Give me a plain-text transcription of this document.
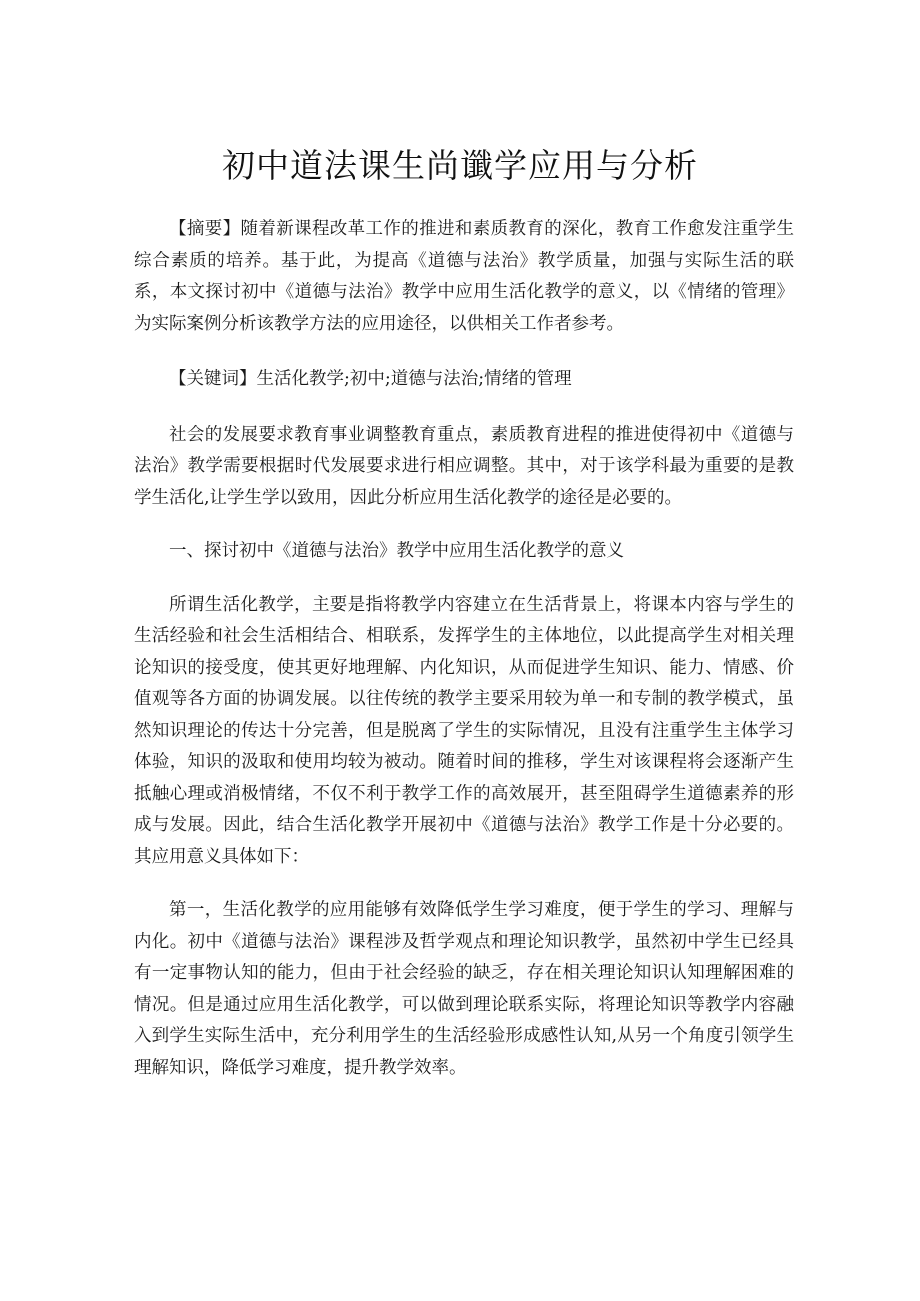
初中道法课生尚谶学应用与分析

【摘要】随着新课程改革工作的推进和素质教育的深化，教育工作愈发注重学生综合素质的培养。基于此，为提高《道德与法治》教学质量，加强与实际生活的联系，本文探讨初中《道德与法治》教学中应用生活化教学的意义，以《情绪的管理》为实际案例分析该教学方法的应用途径，以供相关工作者参考。

【关键词】生活化教学;初中;道德与法治;情绪的管理

社会的发展要求教育事业调整教育重点，素质教育进程的推进使得初中《道德与法治》教学需要根据时代发展要求进行相应调整。其中，对于该学科最为重要的是教学生活化,让学生学以致用，因此分析应用生活化教学的途径是必要的。

一、探讨初中《道德与法治》教学中应用生活化教学的意义

所谓生活化教学，主要是指将教学内容建立在生活背景上，将课本内容与学生的生活经验和社会生活相结合、相联系，发挥学生的主体地位，以此提高学生对相关理论知识的接受度，使其更好地理解、内化知识，从而促进学生知识、能力、情感、价值观等各方面的协调发展。以往传统的教学主要采用较为单一和专制的教学模式，虽然知识理论的传达十分完善，但是脱离了学生的实际情况，且没有注重学生主体学习体验，知识的汲取和使用均较为被动。随着时间的推移，学生对该课程将会逐渐产生抵触心理或消极情绪，不仅不利于教学工作的高效展开，甚至阻碍学生道德素养的形成与发展。因此，结合生活化教学开展初中《道德与法治》教学工作是十分必要的。其应用意义具体如下：

第一，生活化教学的应用能够有效降低学生学习难度，便于学生的学习、理解与内化。初中《道德与法治》课程涉及哲学观点和理论知识教学，虽然初中学生已经具有一定事物认知的能力，但由于社会经验的缺乏，存在相关理论知识认知理解困难的情况。但是通过应用生活化教学，可以做到理论联系实际，将理论知识等教学内容融入到学生实际生活中，充分利用学生的生活经验形成感性认知,从另一个角度引领学生理解知识，降低学习难度，提升教学效率。
